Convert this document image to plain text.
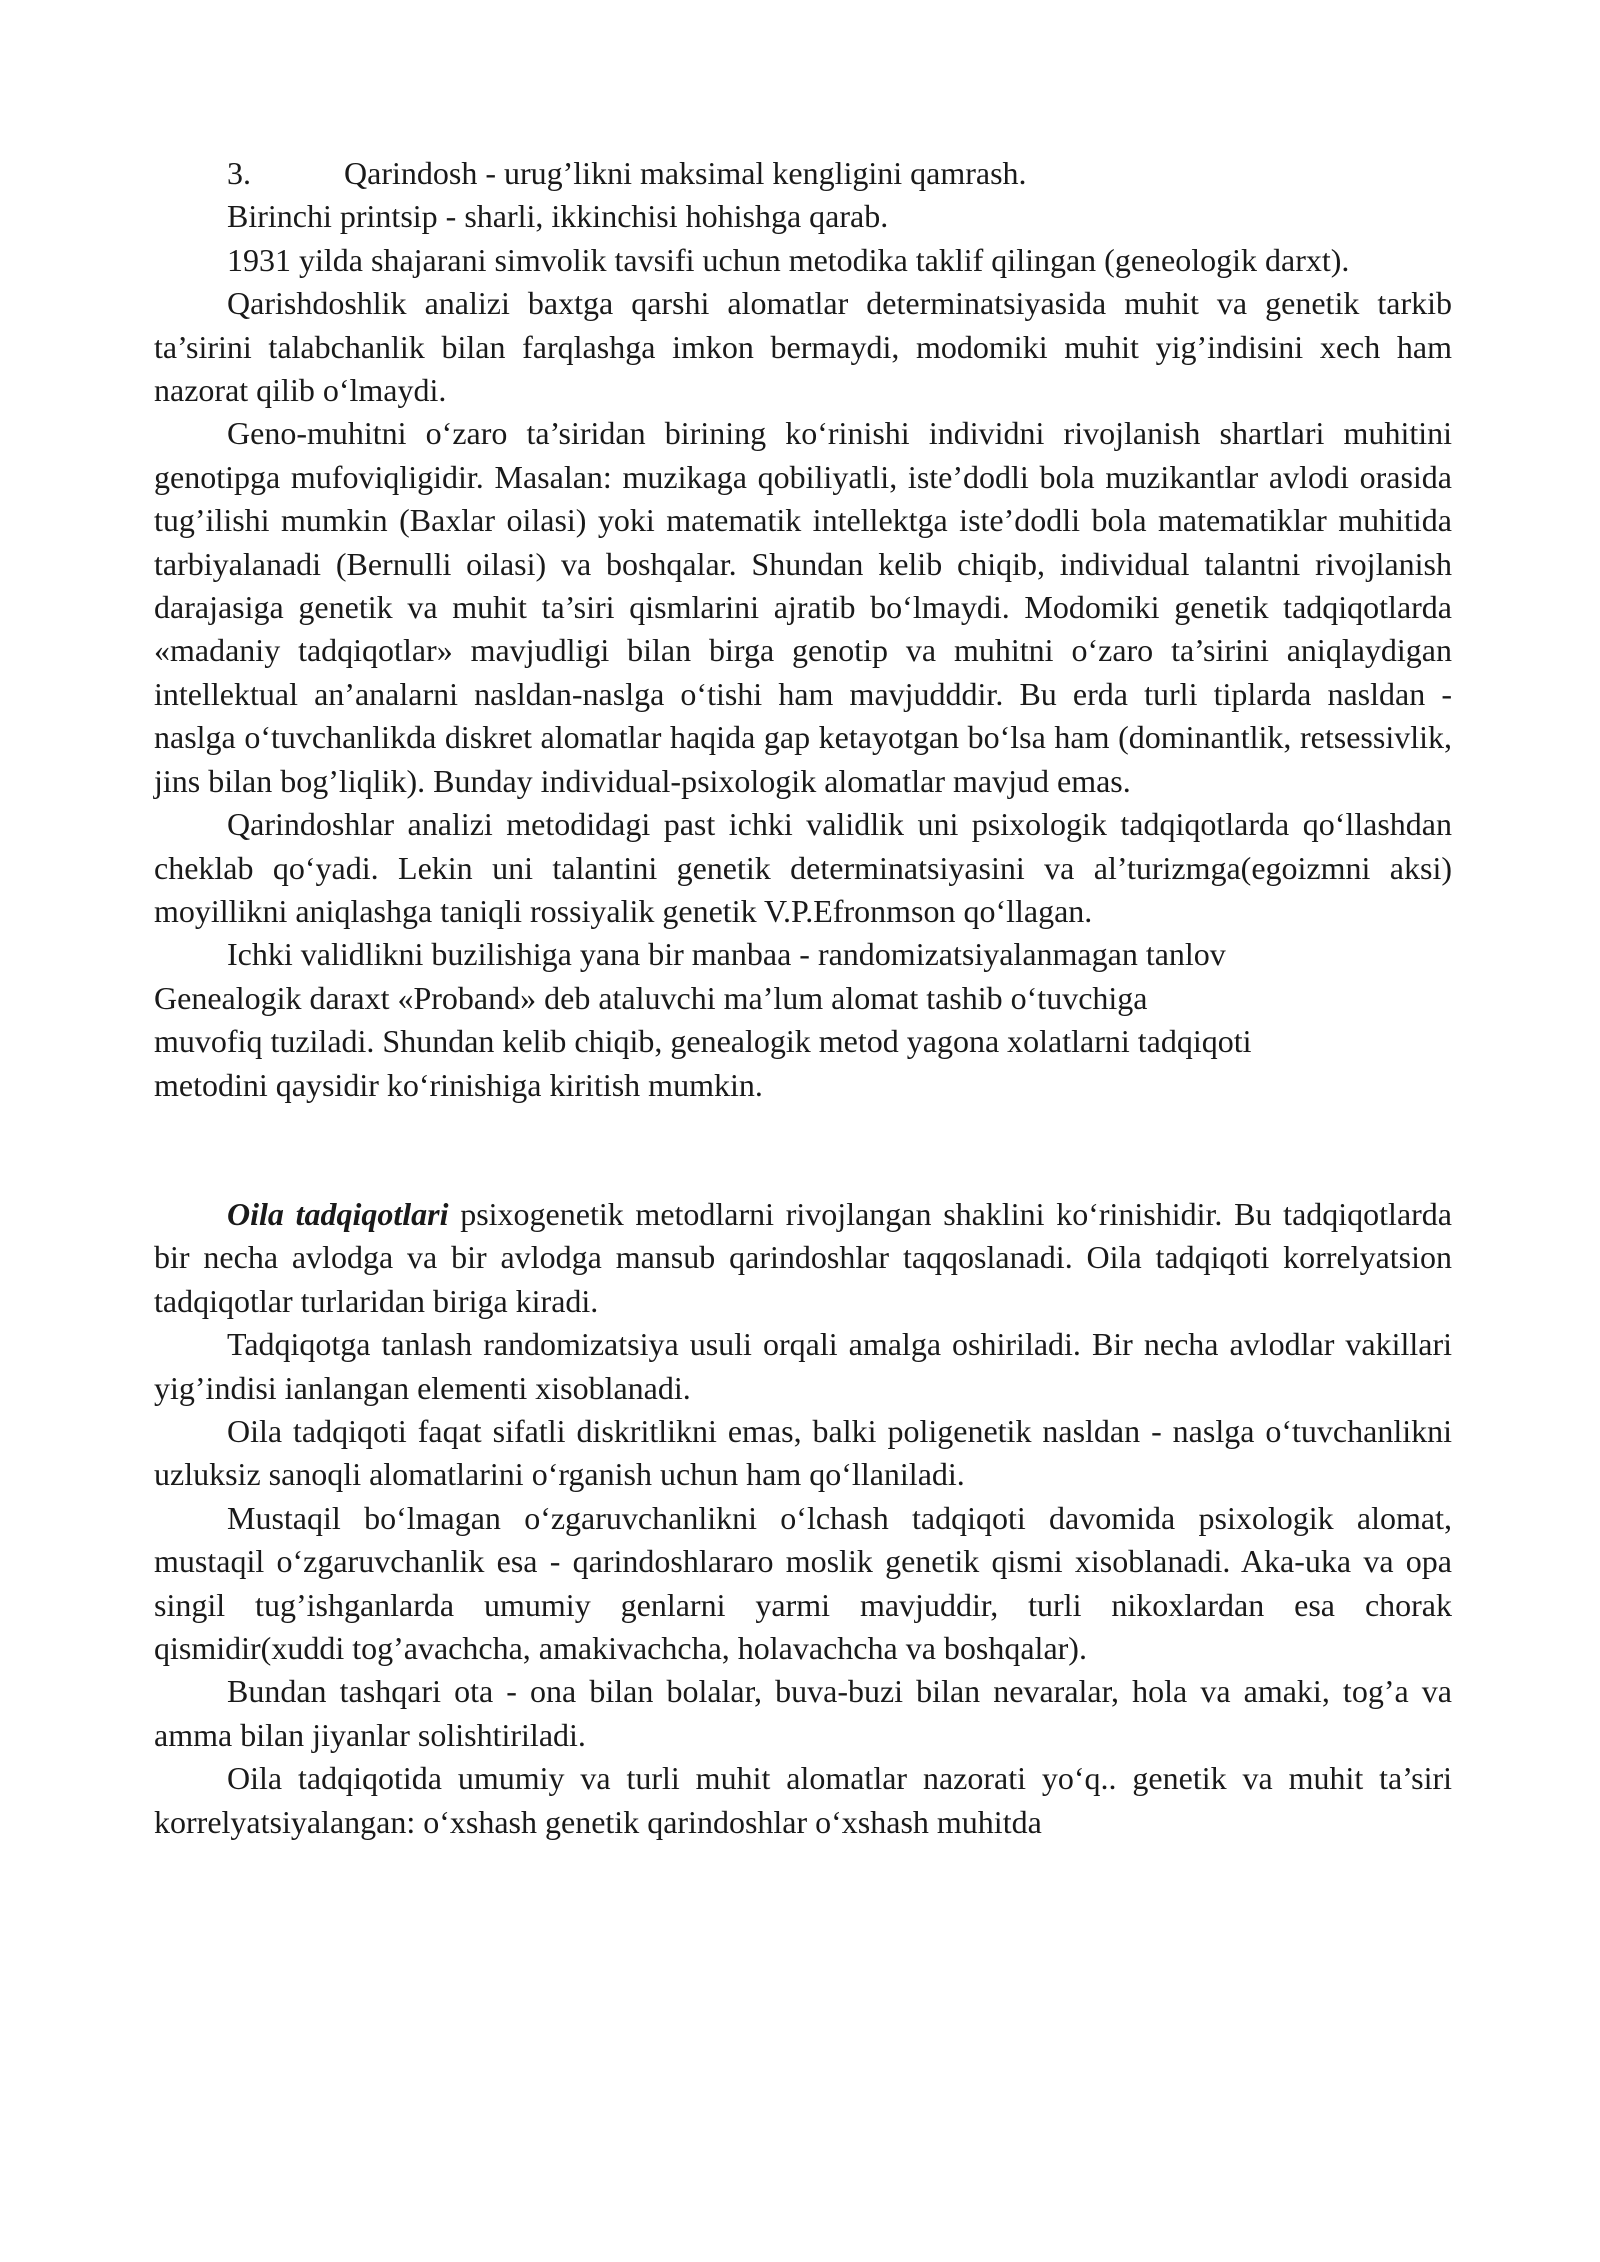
3.	Qarindosh - urug’likni maksimal kengligini qamrash.

Birinchi printsip - sharli, ikkinchisi hohishga qarab.

1931 yilda shajarani simvolik tavsifi uchun metodika taklif qilingan (geneologik darxt).

Qarishdoshlik analizi baxtga qarshi alomatlar determinatsiyasida muhit va genetik tarkib ta’sirini talabchanlik bilan farqlashga imkon bermaydi, modomiki muhit yig’indisini xech ham nazorat qilib o‘lmaydi.

Geno-muhitni o‘zaro ta’siridan birining ko‘rinishi individni rivojlanish shartlari muhitini genotipga mufoviqligidir. Masalan: muzikaga qobiliyatli, iste’dodli bola muzikantlar avlodi orasida tug’ilishi mumkin (Baxlar oilasi) yoki matematik intellektga iste’dodli bola matematiklar muhitida tarbiyalanadi (Bernulli oilasi) va boshqalar. Shundan kelib chiqib, individual talantni rivojlanish darajasiga genetik va muhit ta’siri qismlarini ajratib bo‘lmaydi. Modomiki genetik tadqiqotlarda «madaniy tadqiqotlar» mavjudligi bilan birga genotip va muhitni o‘zaro ta’sirini aniqlaydigan intellektual an’analarni nasldan-naslga o‘tishi ham mavjudddir. Bu erda turli tiplarda nasldan - naslga o‘tuvchanlikda diskret alomatlar haqida gap ketayotgan bo‘lsa ham (dominantlik, retsessivlik, jins bilan bog’liqlik). Bunday individual-psixologik alomatlar mavjud emas.

Qarindoshlar analizi metodidagi past ichki validlik uni psixologik tadqiqotlarda qo‘llashdan cheklab qo‘yadi. Lekin uni talantini genetik determinatsiyasini va al’turizmga(egoizmni aksi) moyillikni aniqlashga taniqli rossiyalik genetik V.P.Efronmson qo‘llagan.

Ichki validlikni buzilishiga yana bir manbaa - randomizatsiyalanmagan tanlov
Genealogik daraxt «Proband» deb ataluvchi ma’lum alomat tashib o‘tuvchiga
muvofiq tuziladi. Shundan kelib chiqib, genealogik metod yagona xolatlarni tadqiqoti
metodini qaysidir ko‘rinishiga kiritish mumkin.

Oila tadqiqotlari psixogenetik metodlarni rivojlangan shaklini ko‘rinishidir. Bu tadqiqotlarda bir necha avlodga va bir avlodga mansub qarindoshlar taqqoslanadi. Oila tadqiqoti korrelyatsion tadqiqotlar turlaridan biriga kiradi.

Tadqiqotga tanlash randomizatsiya usuli orqali amalga oshiriladi. Bir necha avlodlar vakillari yig’indisi ianlangan elementi xisoblanadi.

Oila tadqiqoti faqat sifatli diskritlikni emas, balki poligenetik nasldan - naslga o‘tuvchanlikni uzluksiz sanoqli alomatlarini o‘rganish uchun ham qo‘llaniladi.

Mustaqil bo‘lmagan o‘zgaruvchanlikni o‘lchash tadqiqoti davomida psixologik alomat, mustaqil o‘zgaruvchanlik esa - qarindoshlararo moslik genetik qismi xisoblanadi. Aka-uka va opa singil tug’ishganlarda umumiy genlarni yarmi mavjuddir, turli nikoxlardan esa chorak qismidir(xuddi tog’avachcha, amakivachcha, holavachcha va boshqalar).

Bundan tashqari ota - ona bilan bolalar, buva-buzi bilan nevaralar, hola va amaki, tog’a va amma bilan jiyanlar solishtiriladi.

Oila tadqiqotida umumiy va turli muhit alomatlar nazorati yo‘q.. genetik va muhit ta’siri korrelyatsiyalangan: o‘xshash genetik qarindoshlar o‘xshash muhitda
